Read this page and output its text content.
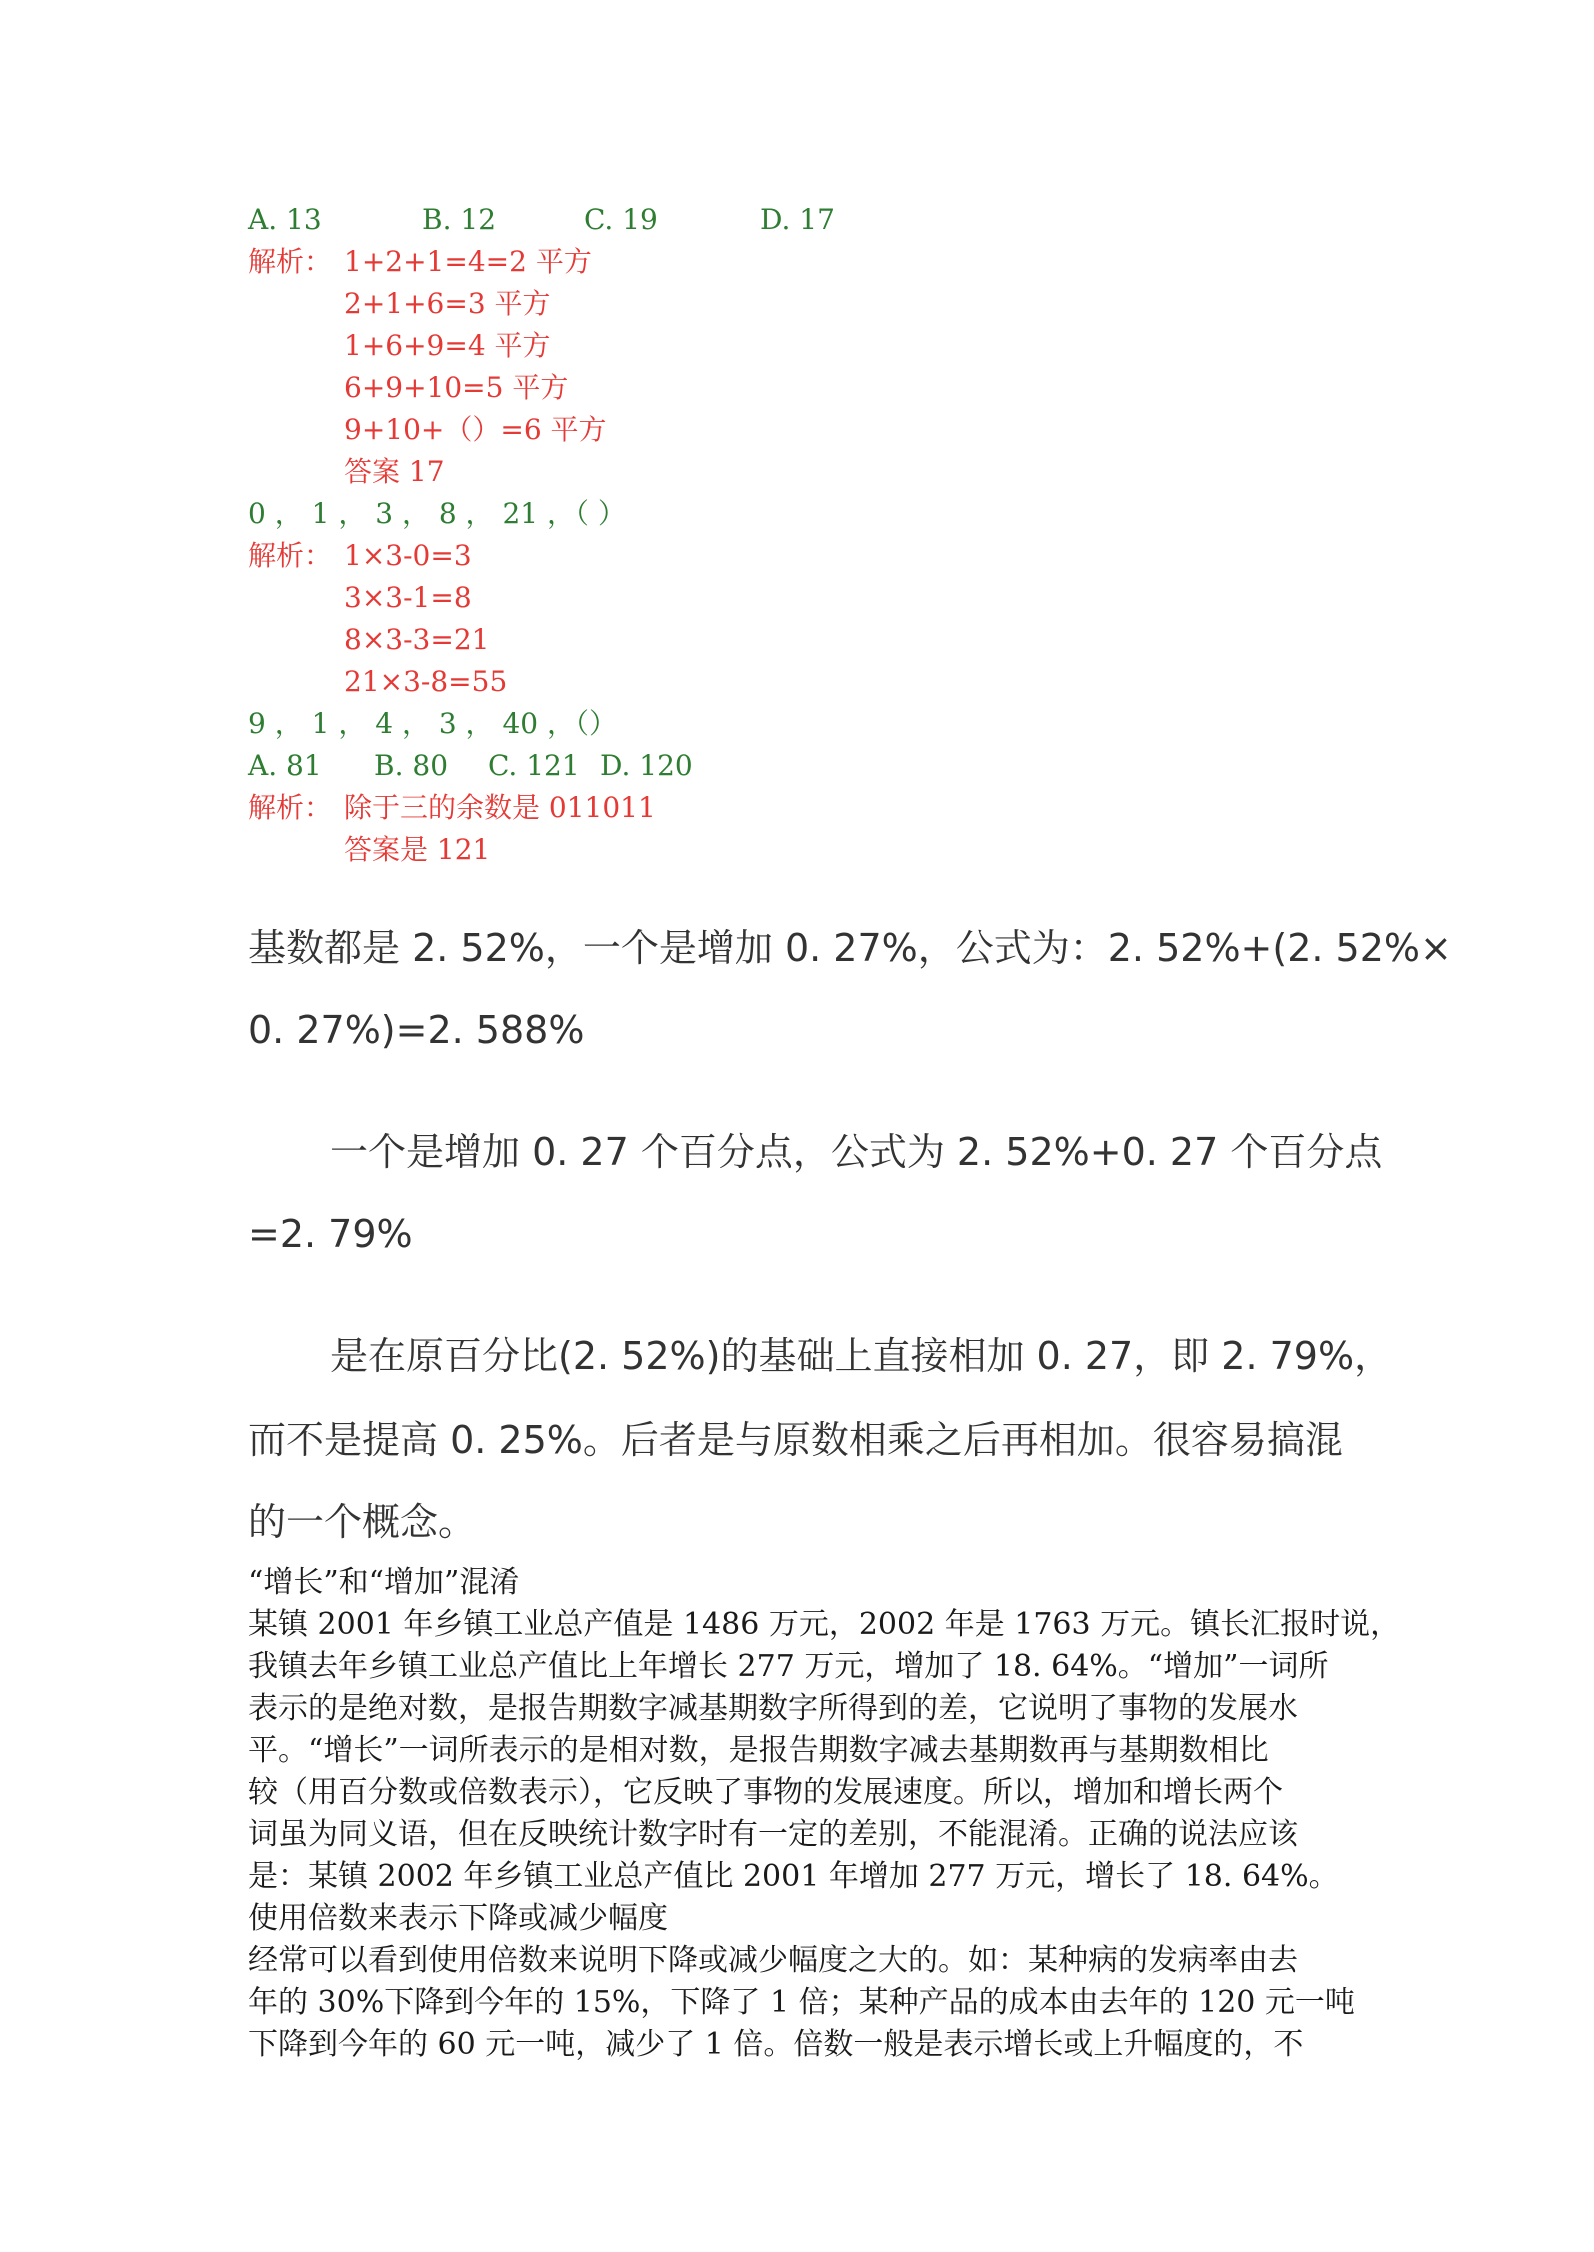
A. 13	B. 12	C. 19	D. 17
解析： 1+2+1=4=2 平方
2+1+6=3 平方
1+6+9=4 平方
6+9+10=5 平方
9+10+（）=6 平方
答案 17
0 ， 1 ， 3 ， 8 ， 21 ，（ ）
解析： 1×3-0=3
3×3-1=8
8×3-3=21
21×3-8=55
9 ， 1 ， 4 ， 3 ， 40 ，（）
A. 81 B. 80 C. 121 D. 120
解析： 除于三的余数是 011011
答案是 121
基数都是 2. 52%，一个是增加 0. 27%，公式为：2. 52%+(2. 52%×
0. 27%)=2. 588%
一个是增加 0. 27 个百分点，公式为 2. 52%+0. 27 个百分点
=2. 79%
是在原百分比(2. 52%)的基础上直接相加 0. 27，即 2. 79%，
而不是提高 0. 25%。后者是与原数相乘之后再相加。很容易搞混
的一个概念。
“增长”和“增加”混淆
某镇 2001 年乡镇工业总产值是 1486 万元，2002 年是 1763 万元。镇长汇报时说，
我镇去年乡镇工业总产值比上年增长 277 万元，增加了 18. 64%。“增加”一词所
表示的是绝对数，是报告期数字减基期数字所得到的差，它说明了事物的发展水
平。“增长”一词所表示的是相对数，是报告期数字减去基期数再与基期数相比
较（用百分数或倍数表示），它反映了事物的发展速度。所以，增加和增长两个
词虽为同义语，但在反映统计数字时有一定的差别，不能混淆。正确的说法应该
是：某镇 2002 年乡镇工业总产值比 2001 年增加 277 万元，增长了 18. 64%。
使用倍数来表示下降或减少幅度
经常可以看到使用倍数来说明下降或减少幅度之大的。如：某种病的发病率由去
年的 30%下降到今年的 15%，下降了 1 倍；某种产品的成本由去年的 120 元一吨
下降到今年的 60 元一吨，减少了 1 倍。倍数一般是表示增长或上升幅度的，不
